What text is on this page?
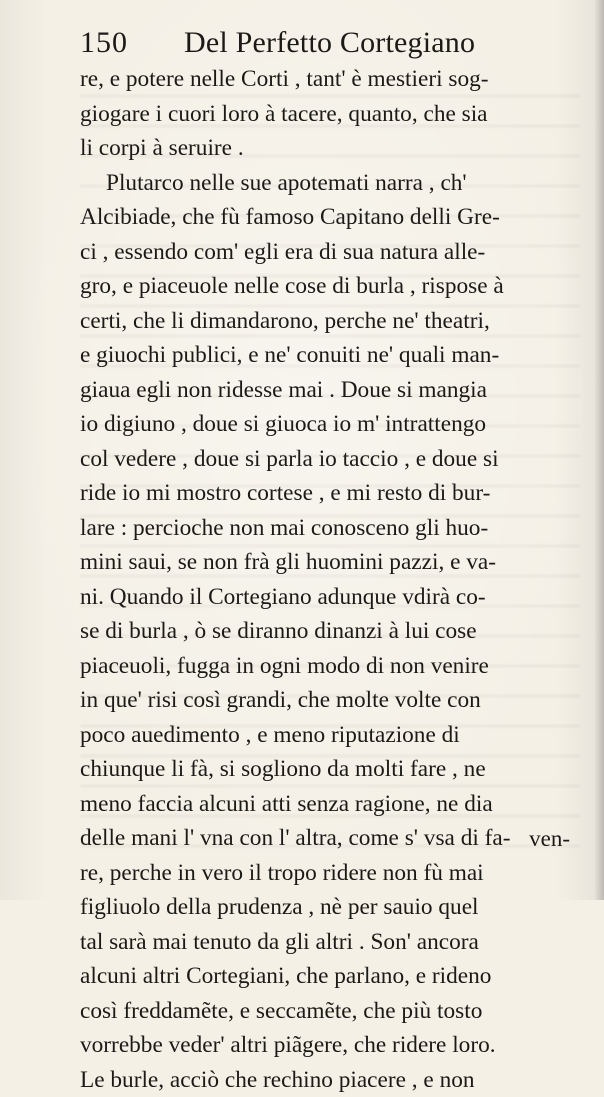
150 Del Perfetto Cortegiano
re, e potere nelle Corti , tant' è mestieri sog-
giogare i cuori loro à tacere, quanto, che sia
li corpi à seruire .
Plutarco nelle sue apotemati narra , ch'
Alcibiade, che fù famoso Capitano delli Gre-
ci , essendo com' egli era di sua natura alle-
gro, e piaceuole nelle cose di burla , rispose à
certi, che li dimandarono, perche ne' theatri,
e giuochi publici, e ne' conuiti ne' quali man-
giaua egli non ridesse mai . Doue si mangia
io digiuno , doue si giuoca io m' intrattengo
col vedere , doue si parla io taccio , e doue si
ride io mi mostro cortese , e mi resto di bur-
lare : percioche non mai conosceno gli huo-
mini saui, se non frà gli huomini pazzi, e va-
ni. Quando il Cortegiano adunque vdirà co-
se di burla , ò se diranno dinanzi à lui cose
piaceuoli, fugga in ogni modo di non venire
in que' risi così grandi, che molte volte con
poco auedimento , e meno riputazione di
chiunque li fà, si sogliono da molti fare , ne
meno faccia alcuni atti senza ragione, ne dia
delle mani l' vna con l' altra, come s' vsa di fa-
re, perche in vero il tropo ridere non fù mai
figliuolo della prudenza , nè per sauio quel
tal sarà mai tenuto da gli altri . Son' ancora
alcuni altri Cortegiani, che parlano, e rideno
così freddamẽte, e seccamẽte, che più tosto
vorrebbe veder' altri piãgere, che ridere loro.
Le burle, acciò che rechino piacere , e non
ven-
